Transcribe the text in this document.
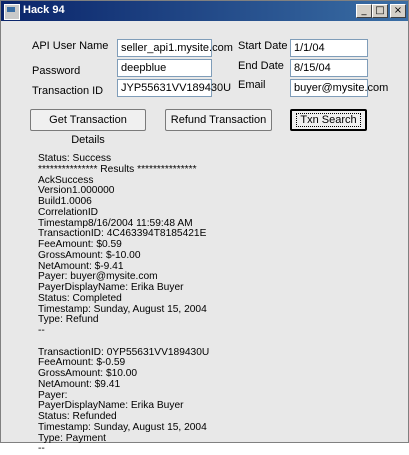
Hack 94	_ □ ×
API User Name	seller_api1.mysite.com
Password	deepblue
Transaction ID	JYP55631VV189430U
Start Date 1/1/04
End Date 8/15/04
Email	buyer@mysite.com
Get Transaction Details
Refund Transaction	Txn Search
Status: Success
*************** Results ***************
AckSuccess
Version1.000000
Build1.0006
CorrelationID
Timestamp8/16/2004 11:59:48 AM
TransactionID: 4C463394T8185421E
FeeAmount: $0.59
GrossAmount: $-10.00
NetAmount: $-9.41
Payer: buyer@mysite.com
PayerDisplayName: Erika Buyer
Status: Completed
Timestamp: Sunday, August 15, 2004
Type: Refund
--
TransactionID: 0YP55631VV189430U
FeeAmount: $-0.59
GrossAmount: $10.00
NetAmount: $9.41
Payer:
PayerDisplayName: Erika Buyer
Status: Refunded
Timestamp: Sunday, August 15, 2004
Type: Payment
--
